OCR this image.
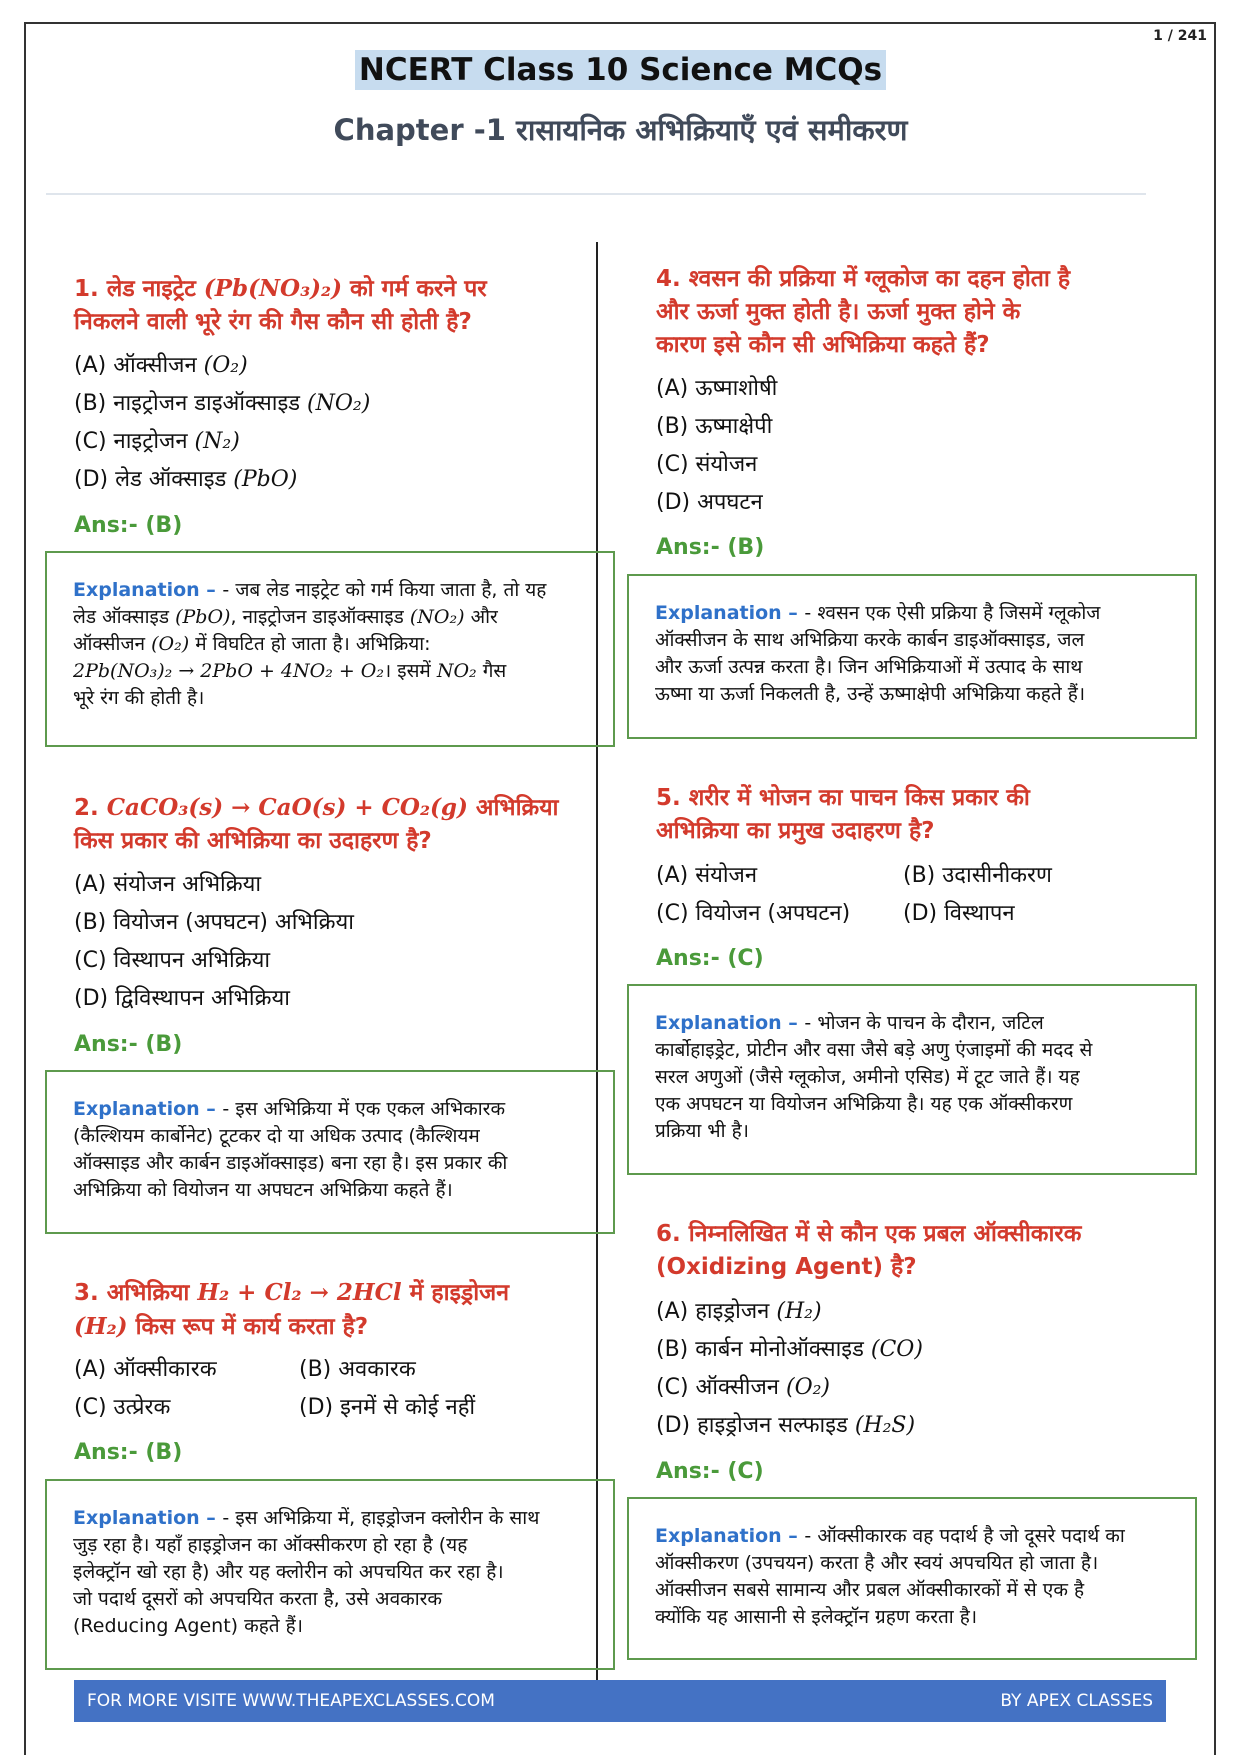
1 / 241
NCERT Class 10 Science MCQs
Chapter -1 रासायनिक अभिक्रियाएँ एवं समीकरण
1. लेड नाइट्रेट (Pb(NO₃)₂) को गर्म करने पर
निकलने वाली भूरे रंग की गैस कौन सी होती है?
(A) ऑक्सीजन (O₂)
(B) नाइट्रोजन डाइऑक्साइड (NO₂)
(C) नाइट्रोजन (N₂)
(D) लेड ऑक्साइड (PbO)
Ans:- (B)
Explanation – - जब लेड नाइट्रेट को गर्म किया जाता है, तो यह
लेड ऑक्साइड (PbO), नाइट्रोजन डाइऑक्साइड (NO₂) और
ऑक्सीजन (O₂) में विघटित हो जाता है। अभिक्रिया:
2Pb(NO₃)₂ → 2PbO + 4NO₂ + O₂। इसमें NO₂ गैस
भूरे रंग की होती है।
2. CaCO₃(s) → CaO(s) + CO₂(g) अभिक्रिया
किस प्रकार की अभिक्रिया का उदाहरण है?
(A) संयोजन अभिक्रिया
(B) वियोजन (अपघटन) अभिक्रिया
(C) विस्थापन अभिक्रिया
(D) द्विविस्थापन अभिक्रिया
Ans:- (B)
Explanation – - इस अभिक्रिया में एक एकल अभिकारक
(कैल्शियम कार्बोनेट) टूटकर दो या अधिक उत्पाद (कैल्शियम
ऑक्साइड और कार्बन डाइऑक्साइड) बना रहा है। इस प्रकार की
अभिक्रिया को वियोजन या अपघटन अभिक्रिया कहते हैं।
3. अभिक्रिया H₂ + Cl₂ → 2HCl में हाइड्रोजन
(H₂) किस रूप में कार्य करता है?
(A) ऑक्सीकारक	(B) अवकारक
(C) उत्प्रेरक	(D) इनमें से कोई नहीं
Ans:- (B)
Explanation – - इस अभिक्रिया में, हाइड्रोजन क्लोरीन के साथ
जुड़ रहा है। यहाँ हाइड्रोजन का ऑक्सीकरण हो रहा है (यह
इलेक्ट्रॉन खो रहा है) और यह क्लोरीन को अपचयित कर रहा है।
जो पदार्थ दूसरों को अपचयित करता है, उसे अवकारक
(Reducing Agent) कहते हैं।
4. श्वसन की प्रक्रिया में ग्लूकोज का दहन होता है
और ऊर्जा मुक्त होती है। ऊर्जा मुक्त होने के
कारण इसे कौन सी अभिक्रिया कहते हैं?
(A) ऊष्माशोषी
(B) ऊष्माक्षेपी
(C) संयोजन
(D) अपघटन
Ans:- (B)
Explanation – - श्वसन एक ऐसी प्रक्रिया है जिसमें ग्लूकोज
ऑक्सीजन के साथ अभिक्रिया करके कार्बन डाइऑक्साइड, जल
और ऊर्जा उत्पन्न करता है। जिन अभिक्रियाओं में उत्पाद के साथ
ऊष्मा या ऊर्जा निकलती है, उन्हें ऊष्माक्षेपी अभिक्रिया कहते हैं।
5. शरीर में भोजन का पाचन किस प्रकार की
अभिक्रिया का प्रमुख उदाहरण है?
(A) संयोजन	(B) उदासीनीकरण
(C) वियोजन (अपघटन)	(D) विस्थापन
Ans:- (C)
Explanation – - भोजन के पाचन के दौरान, जटिल
कार्बोहाइड्रेट, प्रोटीन और वसा जैसे बड़े अणु एंजाइमों की मदद से
सरल अणुओं (जैसे ग्लूकोज, अमीनो एसिड) में टूट जाते हैं। यह
एक अपघटन या वियोजन अभिक्रिया है। यह एक ऑक्सीकरण
प्रक्रिया भी है।
6. निम्नलिखित में से कौन एक प्रबल ऑक्सीकारक
(Oxidizing Agent) है?
(A) हाइड्रोजन (H₂)
(B) कार्बन मोनोऑक्साइड (CO)
(C) ऑक्सीजन (O₂)
(D) हाइड्रोजन सल्फाइड (H₂S)
Ans:- (C)
Explanation – - ऑक्सीकारक वह पदार्थ है जो दूसरे पदार्थ का
ऑक्सीकरण (उपचयन) करता है और स्वयं अपचयित हो जाता है।
ऑक्सीजन सबसे सामान्य और प्रबल ऑक्सीकारकों में से एक है
क्योंकि यह आसानी से इलेक्ट्रॉन ग्रहण करता है।
FOR MORE VISITE WWW.THEAPEXCLASSES.COM	BY APEX CLASSES
